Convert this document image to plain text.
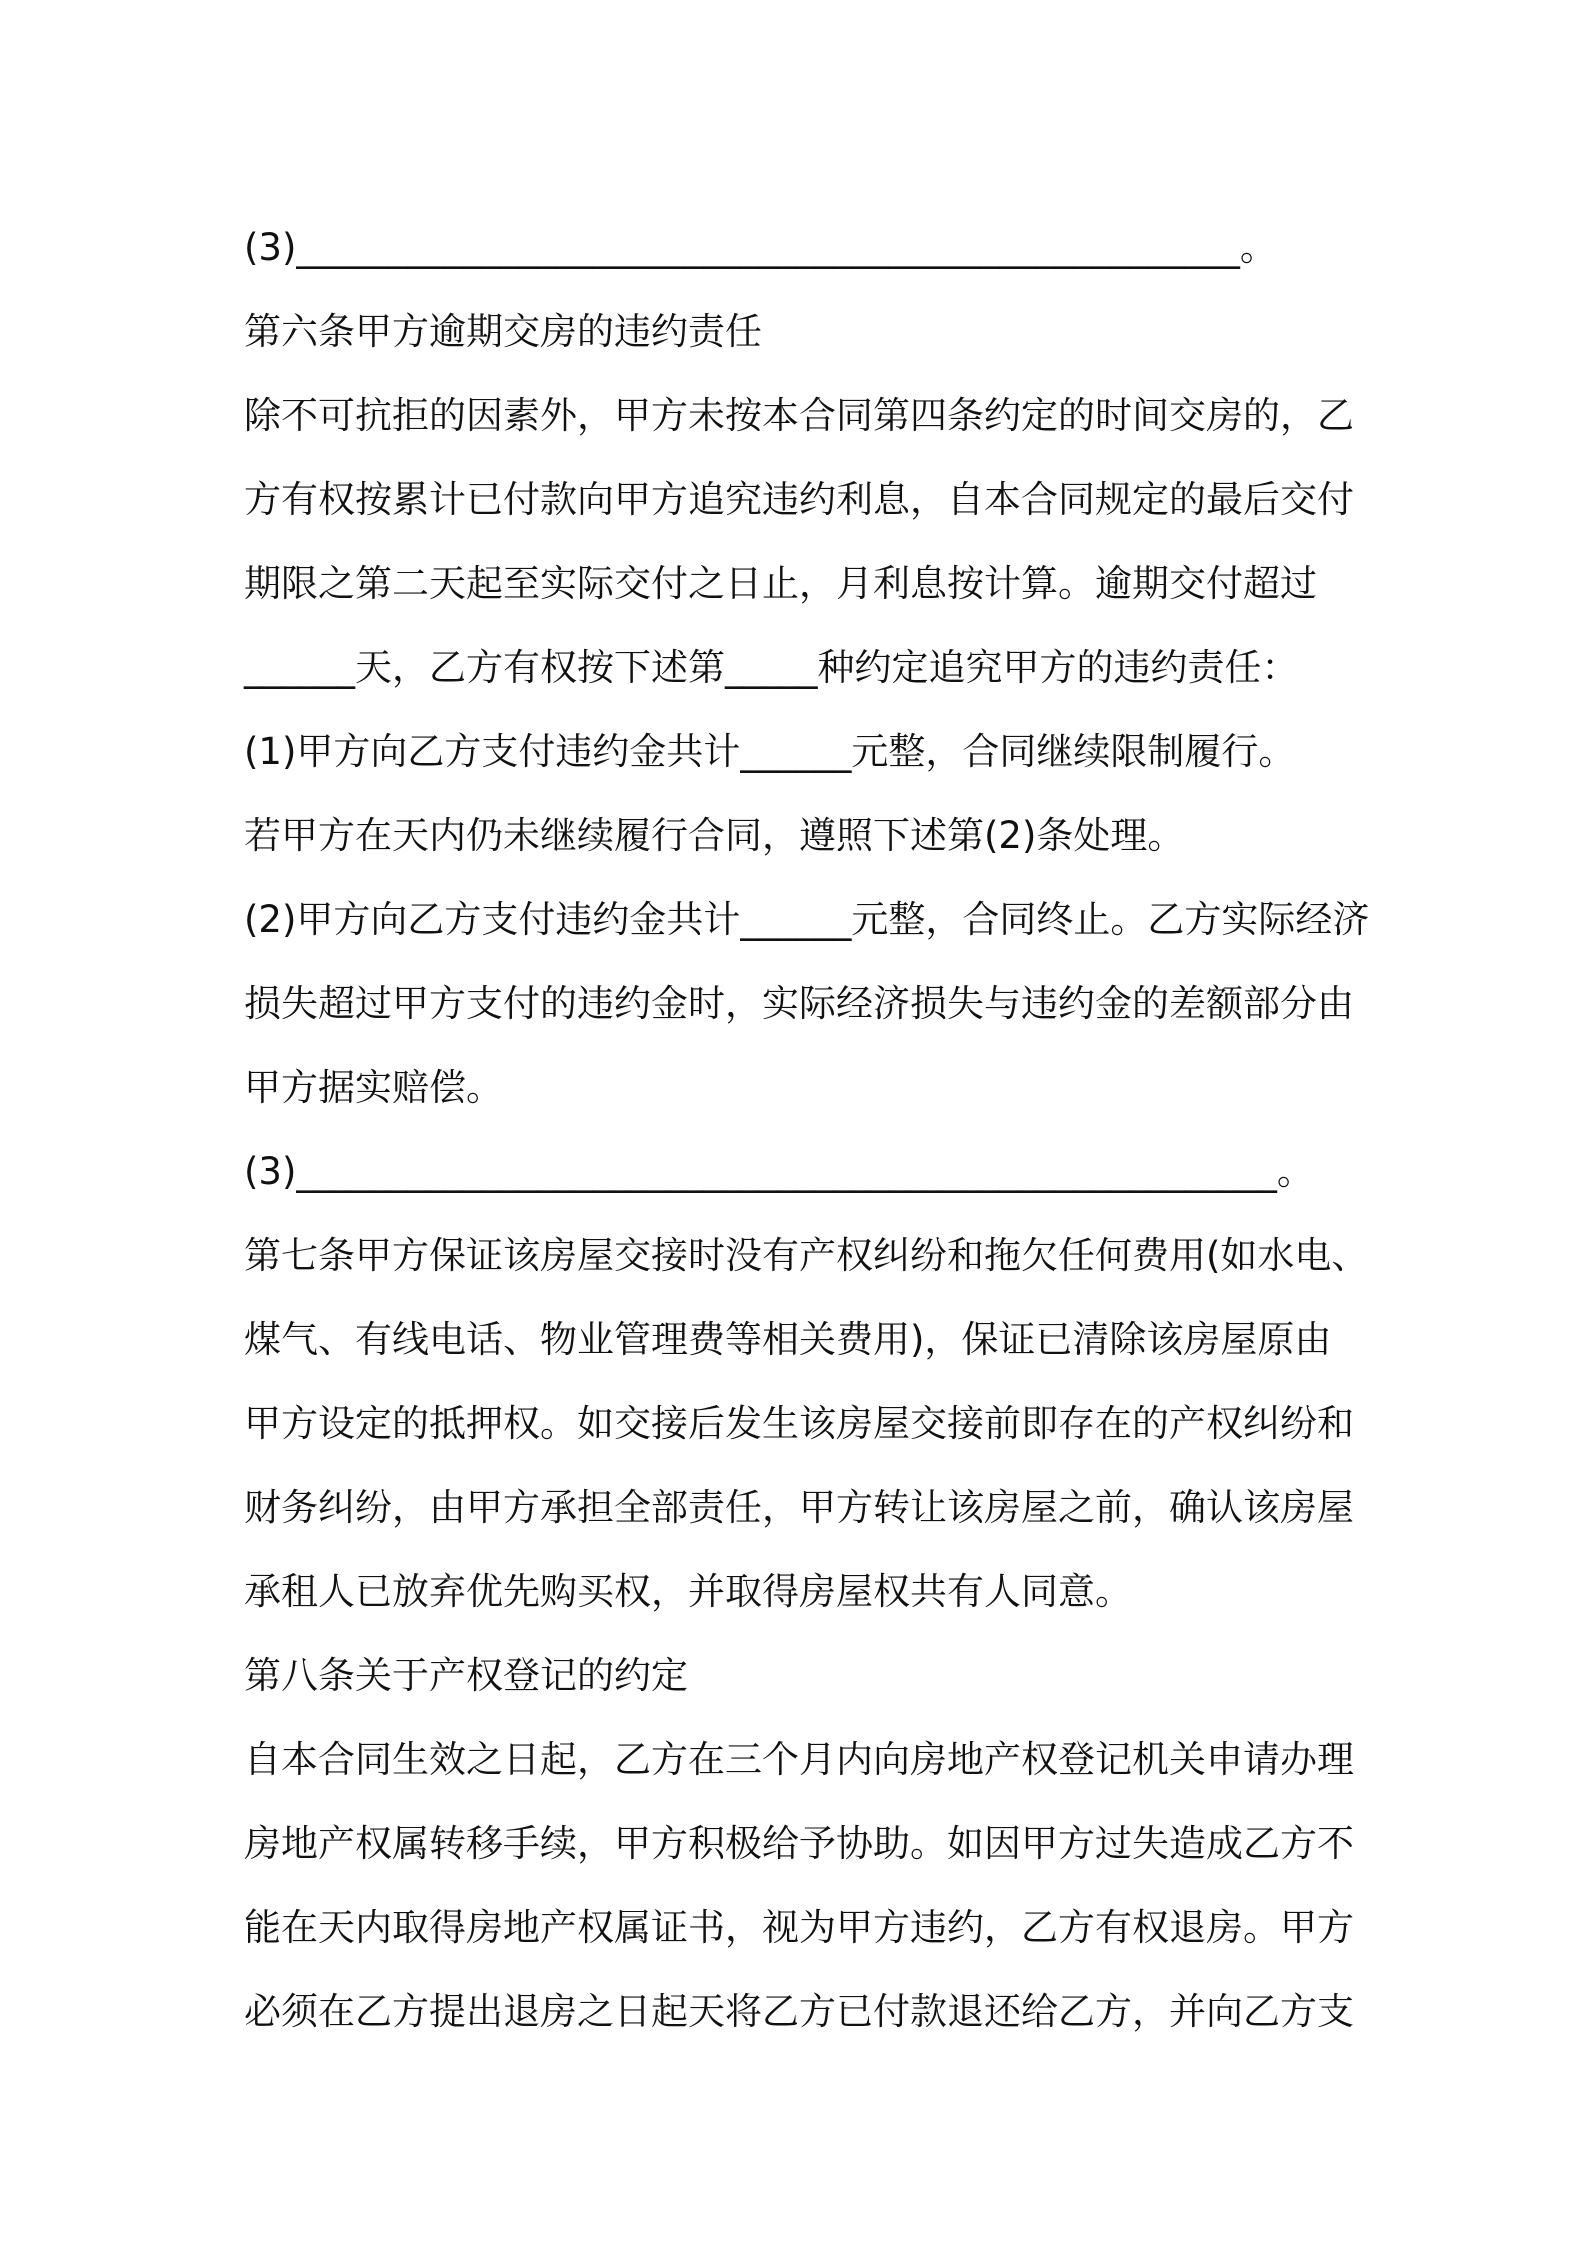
(3)___________________________________________________。
第六条甲方逾期交房的违约责任
除不可抗拒的因素外，甲方未按本合同第四条约定的时间交房的，乙
方有权按累计已付款向甲方追究违约利息，自本合同规定的最后交付
期限之第二天起至实际交付之日止，月利息按计算。逾期交付超过
______天，乙方有权按下述第_____种约定追究甲方的违约责任：
(1)甲方向乙方支付违约金共计______元整，合同继续限制履行。
若甲方在天内仍未继续履行合同，遵照下述第(2)条处理。
(2)甲方向乙方支付违约金共计______元整，合同终止。乙方实际经济
损失超过甲方支付的违约金时，实际经济损失与违约金的差额部分由
甲方据实赔偿。
(3)_____________________________________________________。
第七条甲方保证该房屋交接时没有产权纠纷和拖欠任何费用(如水电、
煤气、有线电话、物业管理费等相关费用)，保证已清除该房屋原由
甲方设定的抵押权。如交接后发生该房屋交接前即存在的产权纠纷和
财务纠纷，由甲方承担全部责任，甲方转让该房屋之前，确认该房屋
承租人已放弃优先购买权，并取得房屋权共有人同意。
第八条关于产权登记的约定
自本合同生效之日起，乙方在三个月内向房地产权登记机关申请办理
房地产权属转移手续，甲方积极给予协助。如因甲方过失造成乙方不
能在天内取得房地产权属证书，视为甲方违约，乙方有权退房。甲方
必须在乙方提出退房之日起天将乙方已付款退还给乙方，并向乙方支
